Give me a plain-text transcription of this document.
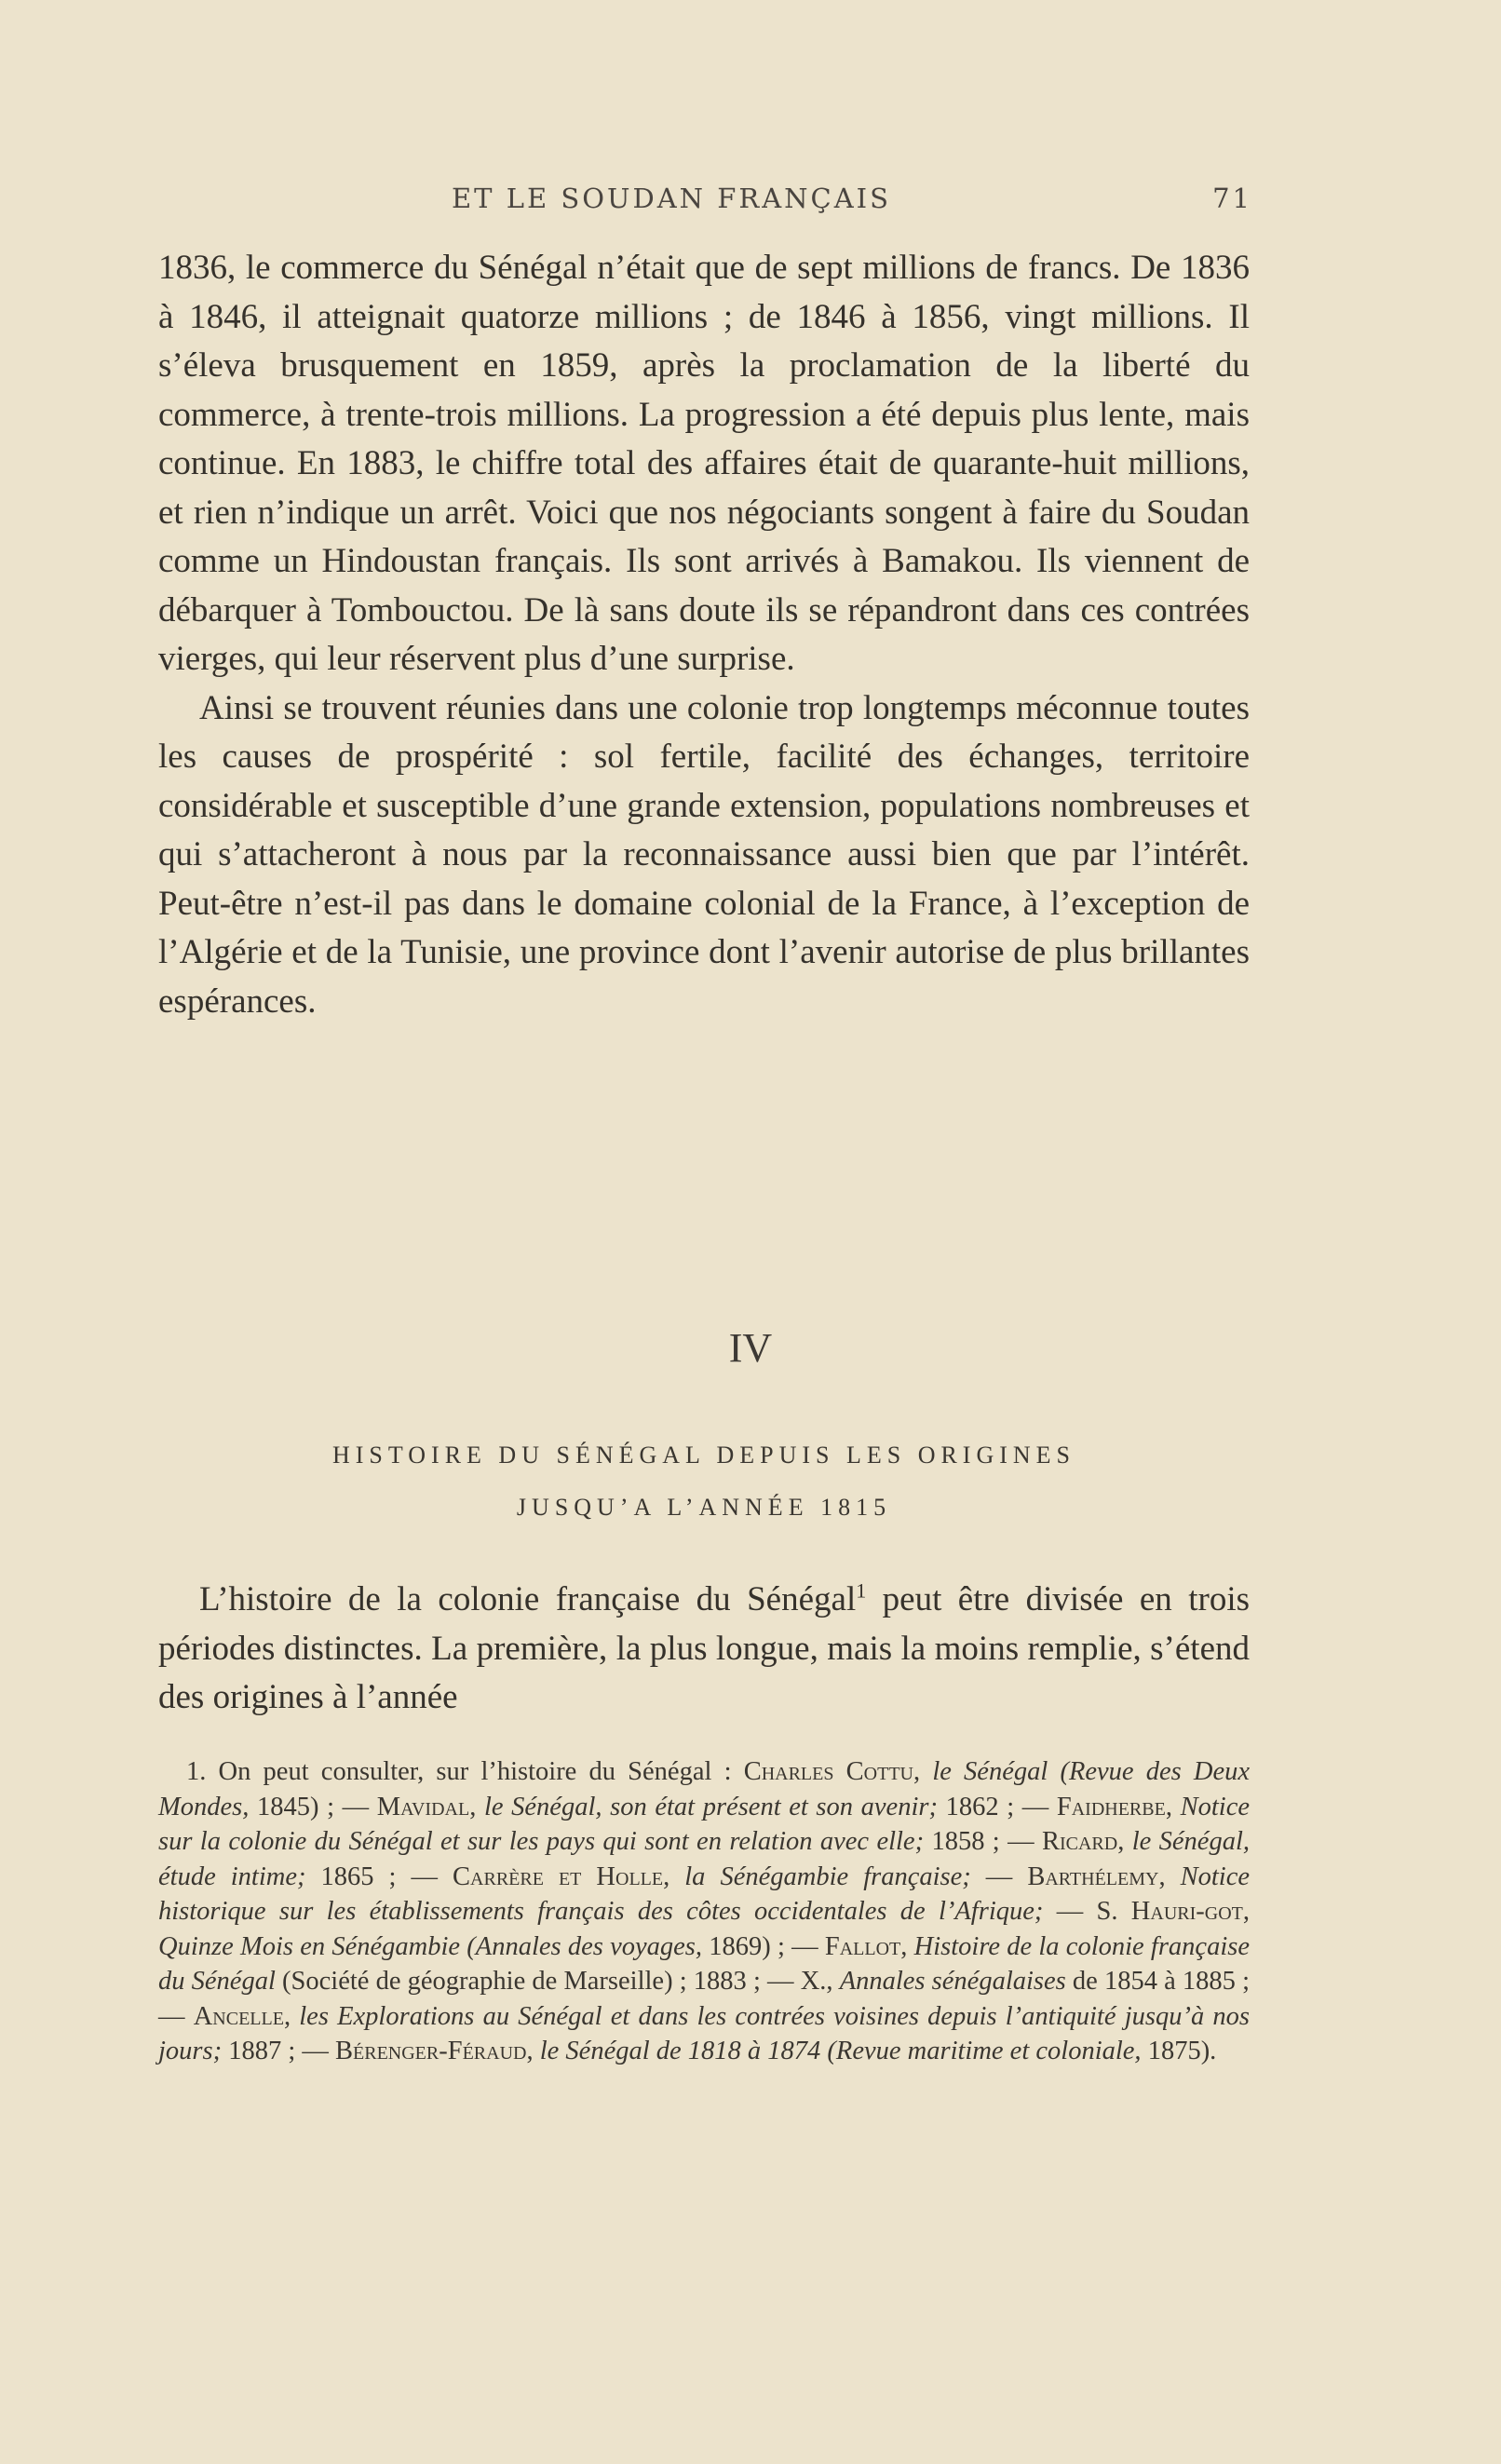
ET LE SOUDAN FRANÇAIS	71

1836, le commerce du Sénégal n’était que de sept millions de francs. De 1836 à 1846, il atteignait quatorze millions ; de 1846 à 1856, vingt millions. Il s’éleva brusquement en 1859, après la proclamation de la liberté du commerce, à trente-trois millions. La progression a été depuis plus lente, mais continue. En 1883, le chiffre total des affaires était de quarante-huit millions, et rien n’indique un arrêt. Voici que nos négociants songent à faire du Soudan comme un Hindoustan français. Ils sont arrivés à Bamakou. Ils viennent de débarquer à Tombouctou. De là sans doute ils se répandront dans ces contrées vierges, qui leur réservent plus d’une surprise.

Ainsi se trouvent réunies dans une colonie trop longtemps méconnue toutes les causes de prospérité : sol fertile, facilité des échanges, territoire considérable et susceptible d’une grande extension, populations nombreuses et qui s’attacheront à nous par la reconnaissance aussi bien que par l’intérêt. Peut-être n’est-il pas dans le domaine colonial de la France, à l’exception de l’Algérie et de la Tunisie, une province dont l’avenir autorise de plus brillantes espérances.

IV
HISTOIRE DU SÉNÉGAL DEPUIS LES ORIGINES
JUSQU’A L’ANNÉE 1815

L’histoire de la colonie française du Sénégal$^1$ peut être divisée en trois périodes distinctes. La première, la plus longue, mais la moins remplie, s’étend des origines à l’année

1. On peut consulter, sur l’histoire du Sénégal : Charles Cottu, le Sénégal (Revue des Deux Mondes, 1845) ; — Mavidal, le Sénégal, son état présent et son avenir; 1862 ; — Faidherbe, Notice sur la colonie du Sénégal et sur les pays qui sont en relation avec elle; 1858 ; — Ricard, le Sénégal, étude intime; 1865 ; — Carrère et Holle, la Sénégambie française; — Barthélemy, Notice historique sur les établissements français des côtes occidentales de l’Afrique; — S. Hauri-got, Quinze Mois en Sénégambie (Annales des voyages, 1869) ; — Fallot, Histoire de la colonie française du Sénégal (Société de géographie de Marseille) ; 1883 ; — X., Annales sénégalaises de 1854 à 1885 ; — Ancelle, les Explorations au Sénégal et dans les contrées voisines depuis l’antiquité jusqu’à nos jours; 1887 ; — Bérenger-Féraud, le Sénégal de 1818 à 1874 (Revue maritime et coloniale, 1875).
